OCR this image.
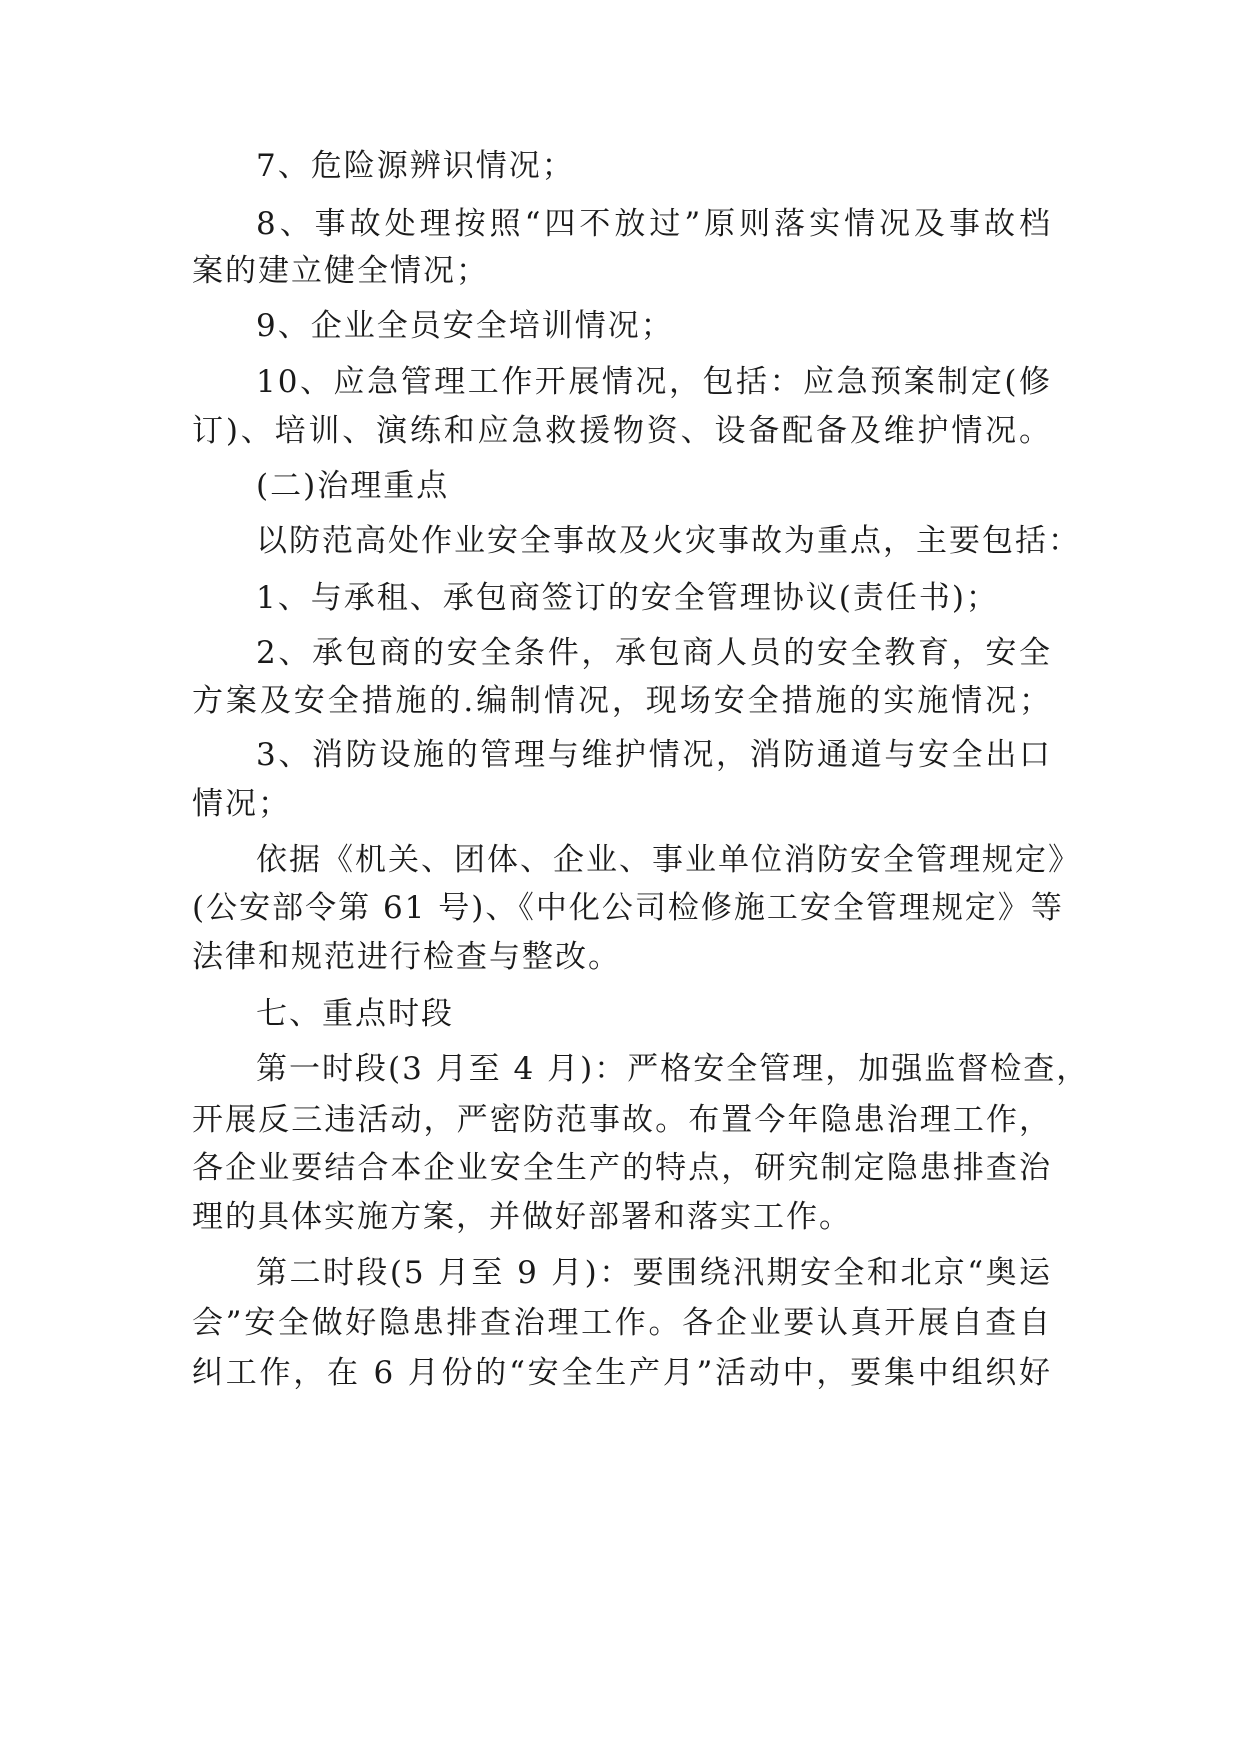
7、危险源辨识情况；
8、事故处理按照“四不放过”原则落实情况及事故档
案的建立健全情况；
9、企业全员安全培训情况；
10、应急管理工作开展情况，包括：应急预案制定(修
订)、培训、演练和应急救援物资、设备配备及维护情况。
(二)治理重点
以防范高处作业安全事故及火灾事故为重点，主要包括：
1、与承租、承包商签订的安全管理协议(责任书)；
2、承包商的安全条件，承包商人员的安全教育，安全
方案及安全措施的.编制情况，现场安全措施的实施情况；
3、消防设施的管理与维护情况，消防通道与安全出口
情况；
依据《机关、团体、企业、事业单位消防安全管理规定》
(公安部令第 61 号)、《中化公司检修施工安全管理规定》等
法律和规范进行检查与整改。
七、重点时段
第一时段(3 月至 4 月)：严格安全管理，加强监督检查，
开展反三违活动，严密防范事故。布置今年隐患治理工作，
各企业要结合本企业安全生产的特点，研究制定隐患排查治
理的具体实施方案，并做好部署和落实工作。
第二时段(5 月至 9 月)：要围绕汛期安全和北京“奥运
会”安全做好隐患排查治理工作。各企业要认真开展自查自
纠工作，在 6 月份的“安全生产月”活动中，要集中组织好
